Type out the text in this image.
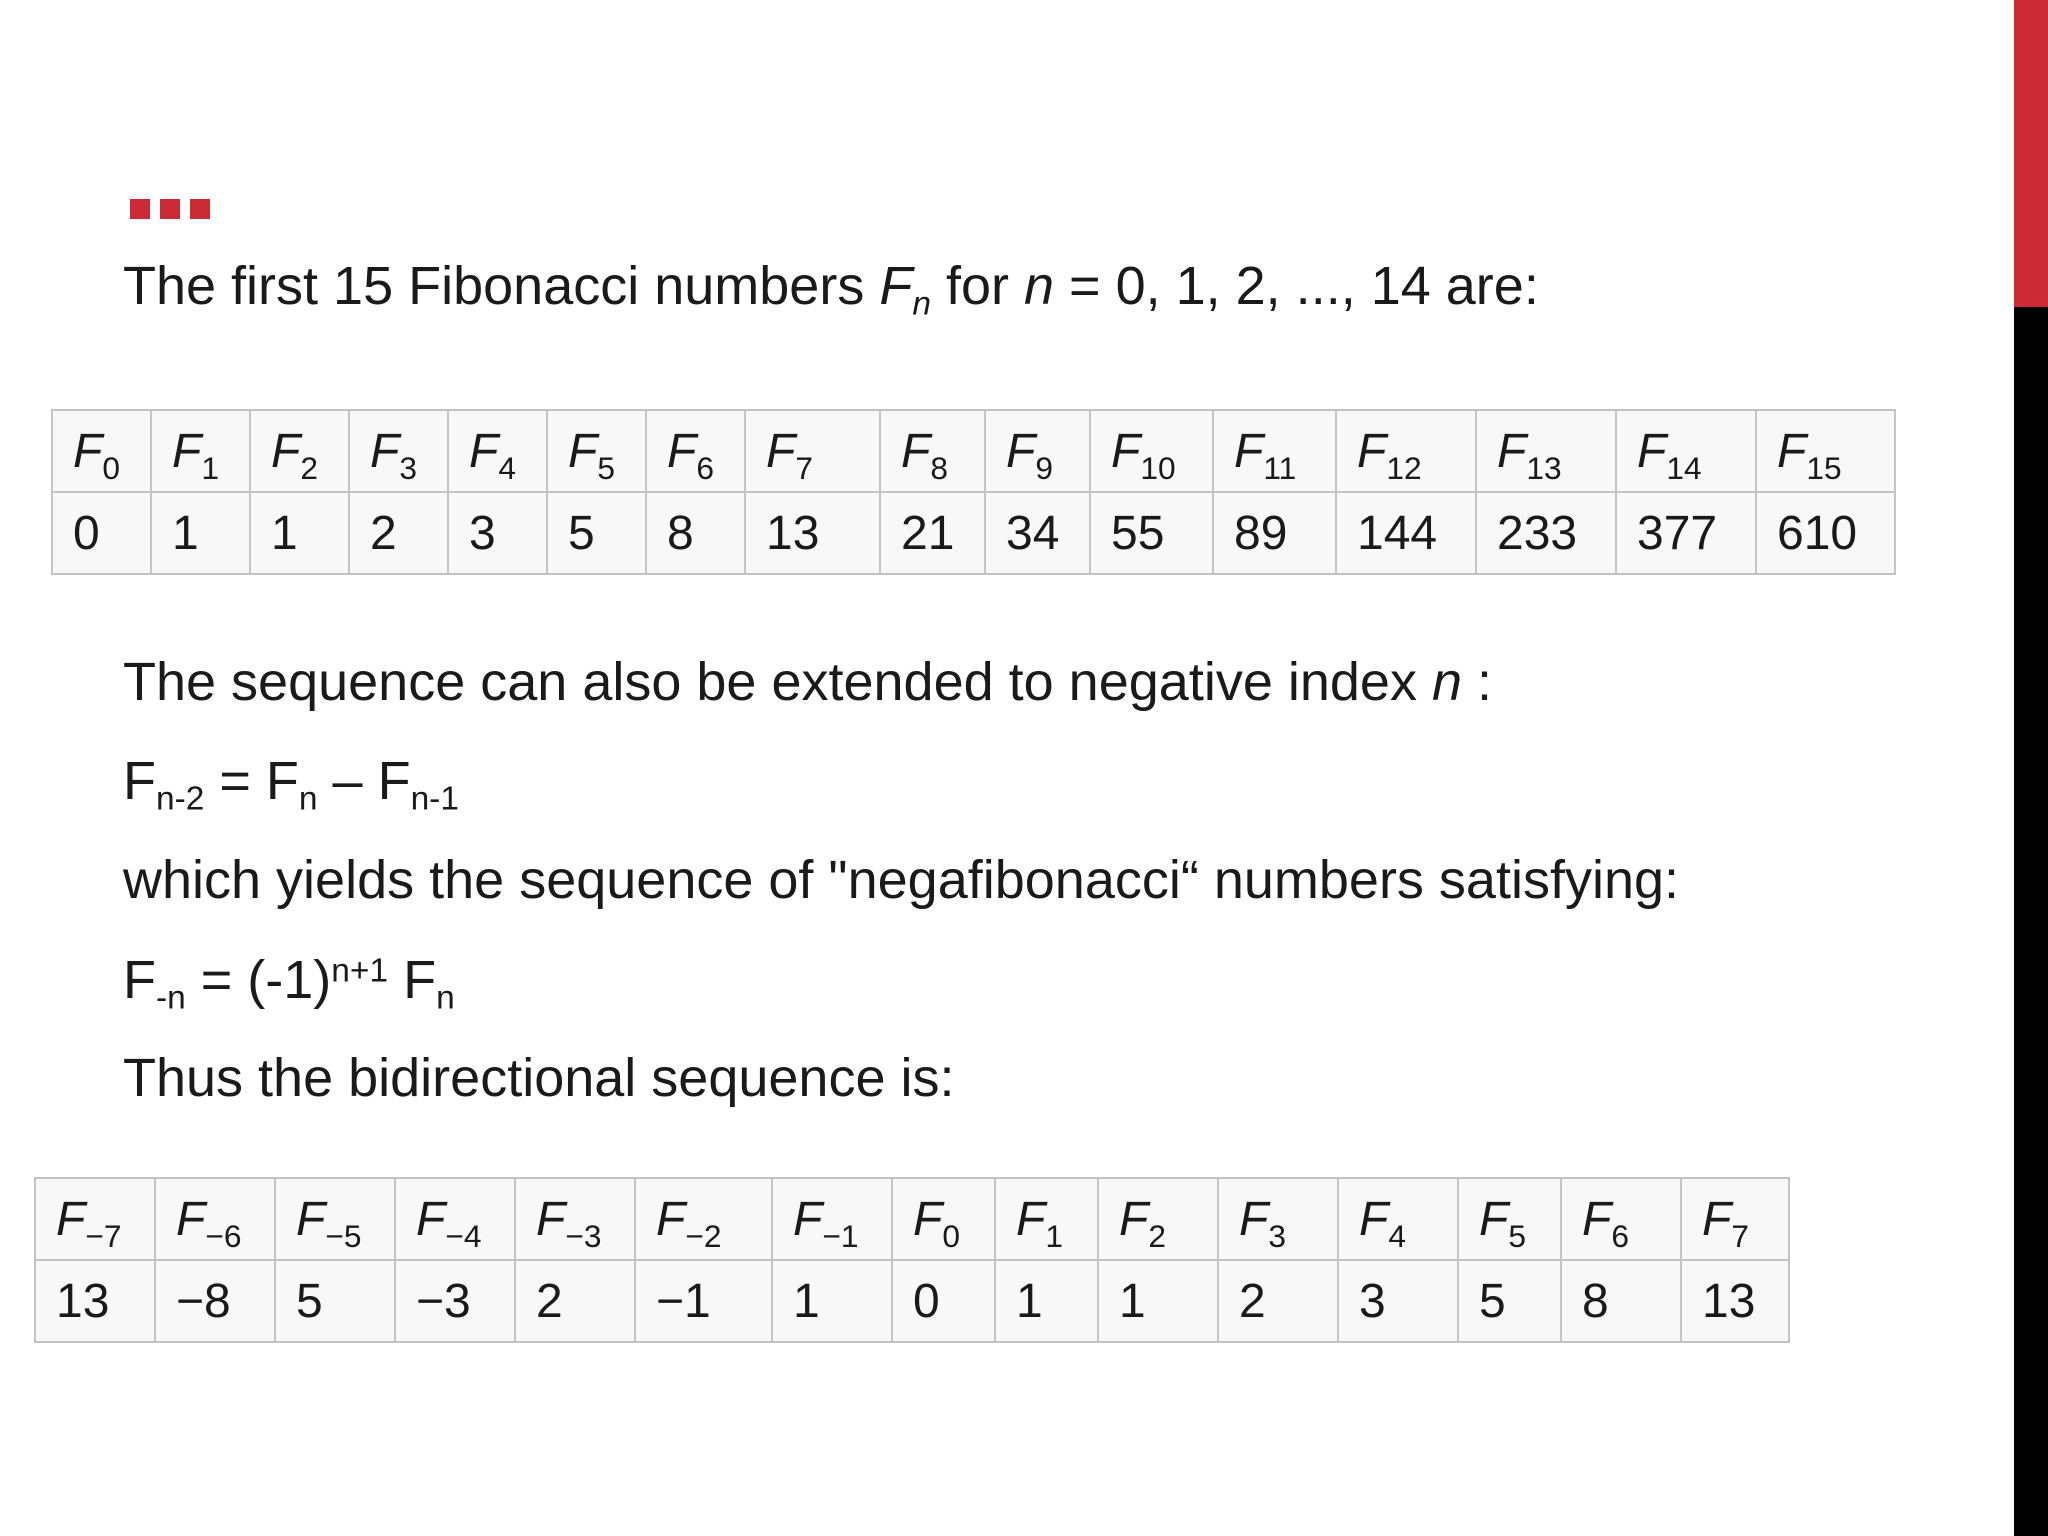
The first 15 Fibonacci numbers $F_n$ for n = 0, 1, 2, ..., 14 are:
$F_0$	$F_1$	$F_2$	$F_3$	$F_4$	$F_5$	$F_6$	$F_7$	$F_8$	$F_9$	$F_{10}$	$F_{11}$	$F_{12}$	$F_{13}$	$F_{14}$	$F_{15}$
0	1	1	2	3	5	8	13	21	34	55	89	144	233	377	610
The sequence can also be extended to negative index n :
$F_{n-2} = F_n - F_{n-1}$
which yields the sequence of "negafibonacci“ numbers satisfying:
$F_{-n} = (-1)^{n+1}$ $F_n$
Thus the bidirectional sequence is:
$F_{-7}$	$F_{-6}$	$F_{-5}$	$F_{-4}$	$F_{-3}$	$F_{-2}$	$F_{-1}$	$F_0$	$F_1$	$F_2$	$F_3$	$F_4$	$F_5$	$F_6$	$F_7$
13	−8	5	−3	2	−1	1	0	1	1	2	3	5	8	13
